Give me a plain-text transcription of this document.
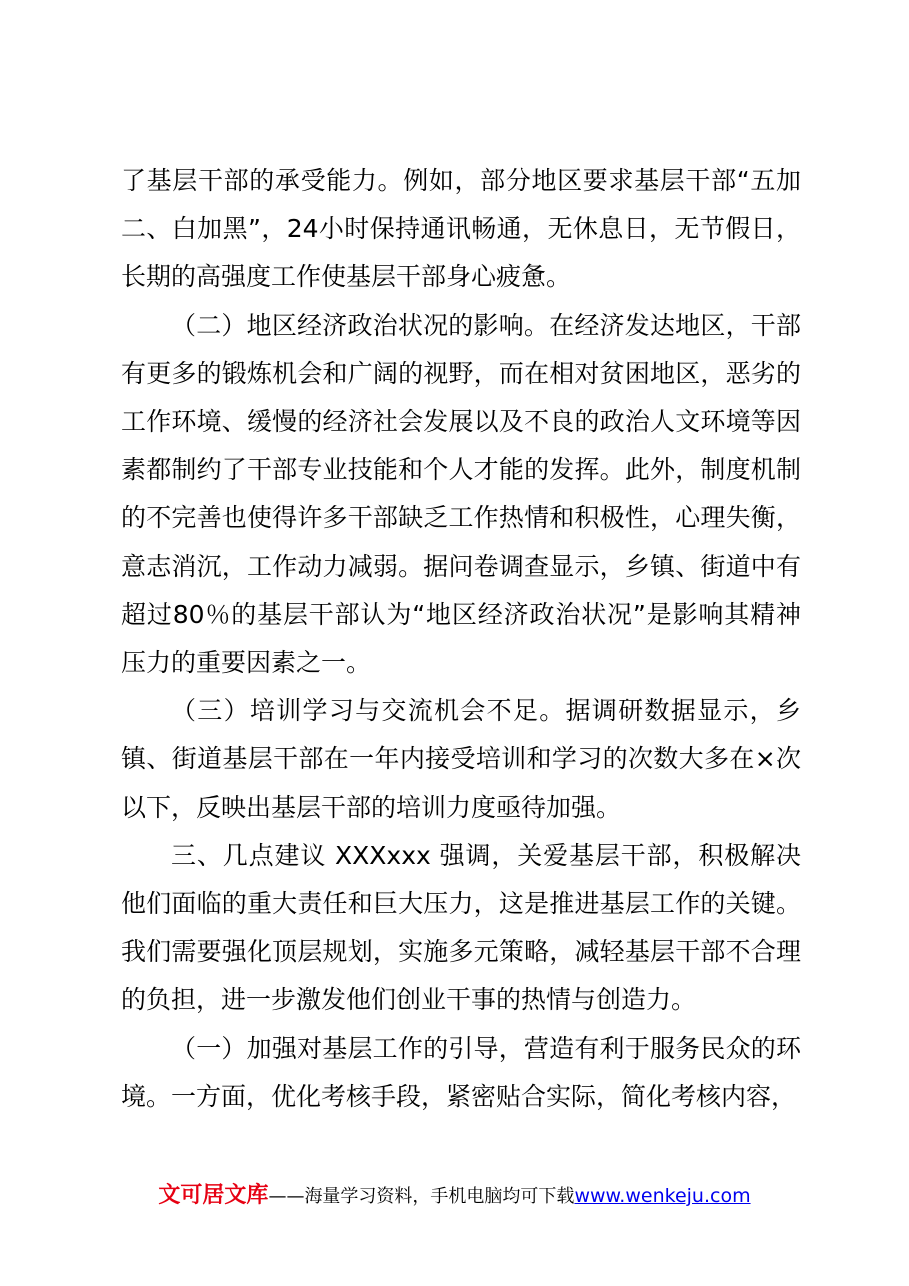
了基层干部的承受能力。例如，部分地区要求基层干部“五加二、白加黑”，24小时保持通讯畅通，无休息日，无节假日，长期的高强度工作使基层干部身心疲惫。

（二）地区经济政治状况的影响。在经济发达地区，干部有更多的锻炼机会和广阔的视野，而在相对贫困地区，恶劣的工作环境、缓慢的经济社会发展以及不良的政治人文环境等因素都制约了干部专业技能和个人才能的发挥。此外，制度机制的不完善也使得许多干部缺乏工作热情和积极性，心理失衡，意志消沉，工作动力减弱。据问卷调查显示，乡镇、街道中有超过80％的基层干部认为“地区经济政治状况”是影响其精神压力的重要因素之一。

（三）培训学习与交流机会不足。据调研数据显示，乡镇、街道基层干部在一年内接受培训和学习的次数大多在×次以下，反映出基层干部的培训力度亟待加强。

三、几点建议 XXXxxx 强调，关爱基层干部，积极解决他们面临的重大责任和巨大压力，这是推进基层工作的关键。我们需要强化顶层规划，实施多元策略，减轻基层干部不合理的负担，进一步激发他们创业干事的热情与创造力。

（一）加强对基层工作的引导，营造有利于服务民众的环境。一方面，优化考核手段，紧密贴合实际，简化考核内容，

文可居文库——海量学习资料，手机电脑均可下载www.wenkeju.com
